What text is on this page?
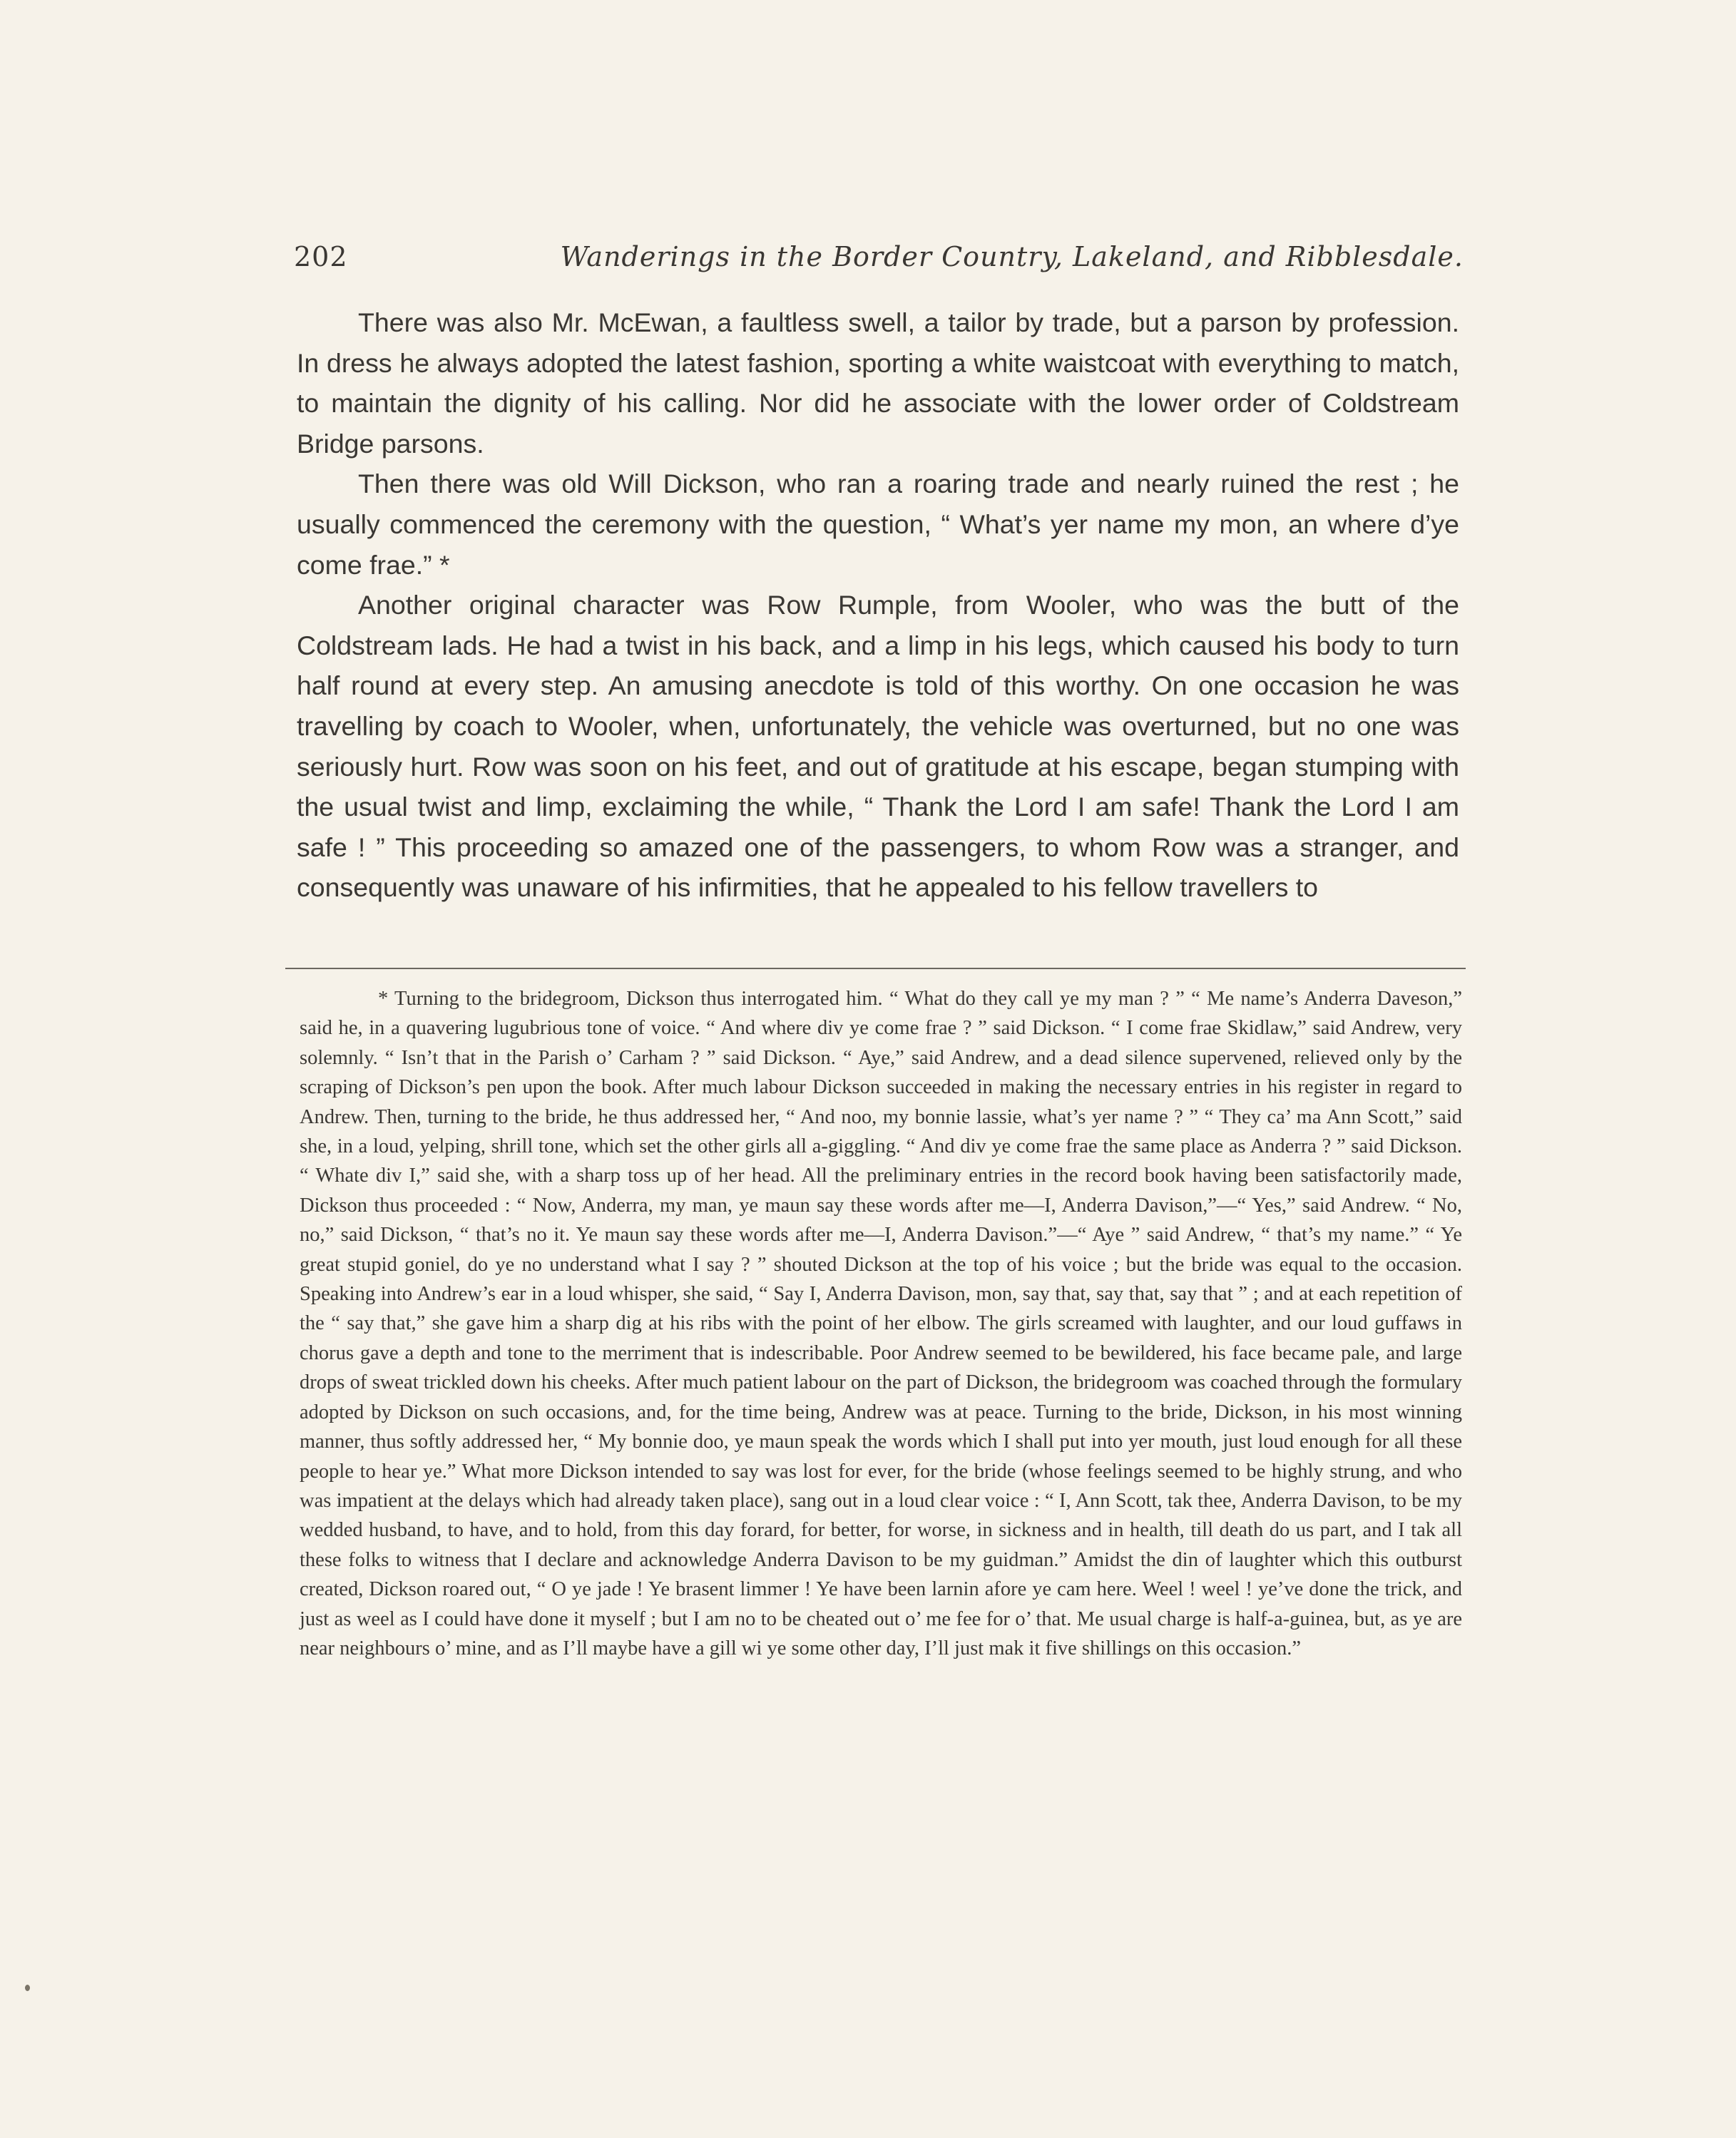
202	Wanderings in the Border Country, Lakeland, and Ribblesdale.

There was also Mr. McEwan, a faultless swell, a tailor by trade, but a parson by profession. In dress he always adopted the latest fashion, sporting a white waistcoat with everything to match, to maintain the dignity of his calling. Nor did he associate with the lower order of Coldstream Bridge parsons.

Then there was old Will Dickson, who ran a roaring trade and nearly ruined the rest ; he usually commenced the ceremony with the question, “ What’s yer name my mon, an where d’ye come frae.” *

Another original character was Row Rumple, from Wooler, who was the butt of the Coldstream lads. He had a twist in his back, and a limp in his legs, which caused his body to turn half round at every step. An amusing anecdote is told of this worthy. On one occasion he was travelling by coach to Wooler, when, unfortunately, the vehicle was overturned, but no one was seriously hurt. Row was soon on his feet, and out of gratitude at his escape, began stumping with the usual twist and limp, exclaiming the while, “ Thank the Lord I am safe! Thank the Lord I am safe ! ” This proceeding so amazed one of the passengers, to whom Row was a stranger, and consequently was unaware of his infirmities, that he appealed to his fellow travellers to

* Turning to the bridegroom, Dickson thus interrogated him. “ What do they call ye my man ? ” “ Me name’s Anderra Daveson,” said he, in a quavering lugubrious tone of voice. “ And where div ye come frae ? ” said Dickson. “ I come frae Skidlaw,” said Andrew, very solemnly. “ Isn’t that in the Parish o’ Carham ? ” said Dickson. “ Aye,” said Andrew, and a dead silence supervened, relieved only by the scraping of Dickson’s pen upon the book. After much labour Dickson succeeded in making the necessary entries in his register in regard to Andrew. Then, turning to the bride, he thus addressed her, “ And noo, my bonnie lassie, what’s yer name ? ” “ They ca’ ma Ann Scott,” said she, in a loud, yelping, shrill tone, which set the other girls all a-giggling. “ And div ye come frae the same place as Anderra ? ” said Dickson. “ Whate div I,” said she, with a sharp toss up of her head. All the preliminary entries in the record book having been satisfactorily made, Dickson thus proceeded : “ Now, Anderra, my man, ye maun say these words after me—I, Anderra Davison,”—“ Yes,” said Andrew. “ No, no,” said Dickson, “ that’s no it. Ye maun say these words after me—I, Anderra Davison.”—“ Aye ” said Andrew, “ that’s my name.” “ Ye great stupid goniel, do ye no understand what I say ? ” shouted Dickson at the top of his voice ; but the bride was equal to the occasion. Speaking into Andrew’s ear in a loud whisper, she said, “ Say I, Anderra Davison, mon, say that, say that, say that ” ; and at each repetition of the “ say that,” she gave him a sharp dig at his ribs with the point of her elbow. The girls screamed with laughter, and our loud guffaws in chorus gave a depth and tone to the merriment that is indescribable. Poor Andrew seemed to be bewildered, his face became pale, and large drops of sweat trickled down his cheeks. After much patient labour on the part of Dickson, the bridegroom was coached through the formulary adopted by Dickson on such occasions, and, for the time being, Andrew was at peace. Turning to the bride, Dickson, in his most winning manner, thus softly addressed her, “ My bonnie doo, ye maun speak the words which I shall put into yer mouth, just loud enough for all these people to hear ye.” What more Dickson intended to say was lost for ever, for the bride (whose feelings seemed to be highly strung, and who was impatient at the delays which had already taken place), sang out in a loud clear voice : “ I, Ann Scott, tak thee, Anderra Davison, to be my wedded husband, to have, and to hold, from this day forard, for better, for worse, in sickness and in health, till death do us part, and I tak all these folks to witness that I declare and acknowledge Anderra Davison to be my guidman.” Amidst the din of laughter which this outburst created, Dickson roared out, “ O ye jade ! Ye brasent limmer ! Ye have been larnin afore ye cam here. Weel ! weel ! ye’ve done the trick, and just as weel as I could have done it myself ; but I am no to be cheated out o’ me fee for o’ that. Me usual charge is half-a-guinea, but, as ye are near neighbours o’ mine, and as I’ll maybe have a gill wi ye some other day, I’ll just mak it five shillings on this occasion.”
